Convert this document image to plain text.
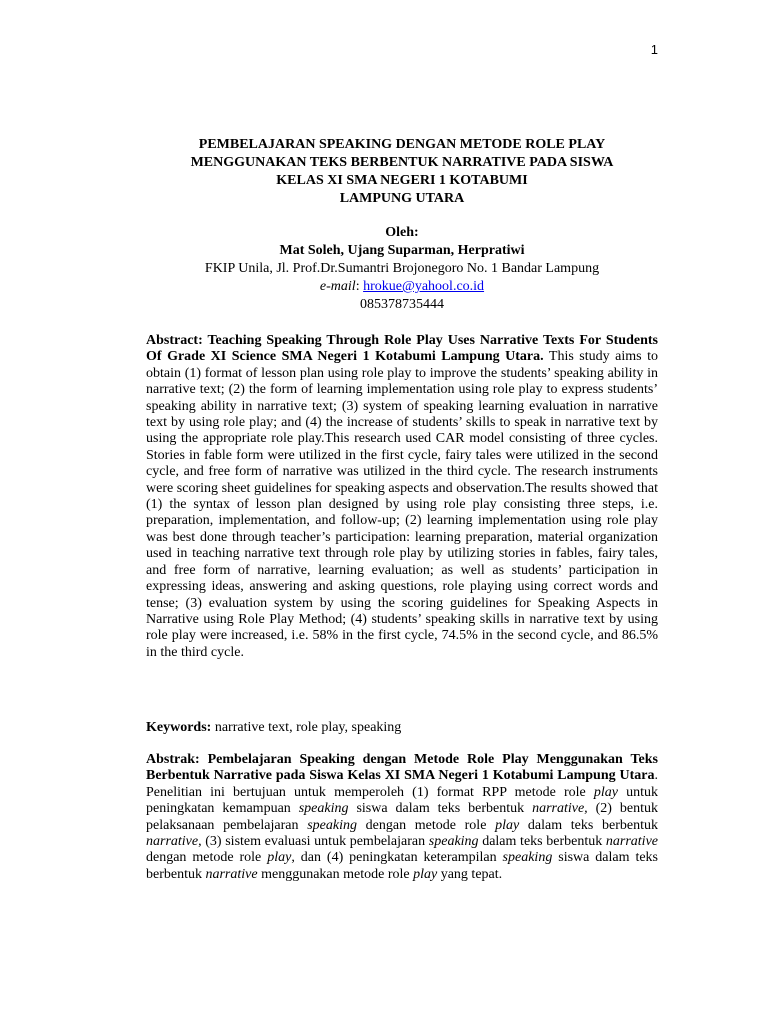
1
PEMBELAJARAN SPEAKING DENGAN METODE ROLE PLAY
MENGGUNAKAN TEKS BERBENTUK NARRATIVE PADA SISWA
KELAS XI SMA NEGERI 1 KOTABUMI
LAMPUNG UTARA
Oleh:
Mat Soleh, Ujang Suparman, Herpratiwi
FKIP Unila, Jl. Prof.Dr.Sumantri Brojonegoro No. 1 Bandar Lampung
e-mail: hrokue@yahool.co.id
085378735444

Abstract: Teaching Speaking Through Role Play Uses Narrative Texts For Students Of Grade XI Science SMA Negeri 1 Kotabumi Lampung Utara. This study aims to obtain (1) format of lesson plan using role play to improve the students’ speaking ability in narrative text; (2) the form of learning implementation using role play to express students’ speaking ability in narrative text; (3) system of speaking learning evaluation in narrative text by using role play; and (4) the increase of students’ skills to speak in narrative text by using the appropriate role play.This research used CAR model consisting of three cycles. Stories in fable form were utilized in the first cycle, fairy tales were utilized in the second cycle, and free form of narrative was utilized in the third cycle. The research instruments were scoring sheet guidelines for speaking aspects and observation.The results showed that (1) the syntax of lesson plan designed by using role play consisting three steps, i.e. preparation, implementation, and follow-up; (2) learning implementation using role play was best done through teacher’s participation: learning preparation, material organization used in teaching narrative text through role play by utilizing stories in fables, fairy tales, and free form of narrative, learning evaluation; as well as students’ participation in expressing ideas, answering and asking questions, role playing using correct words and tense; (3) evaluation system by using the scoring guidelines for Speaking Aspects in Narrative using Role Play Method; (4) students’ speaking skills in narrative text by using role play were increased, i.e. 58% in the first cycle, 74.5% in the second cycle, and 86.5% in the third cycle.

Keywords: narrative text, role play, speaking

Abstrak: Pembelajaran Speaking dengan Metode Role Play Menggunakan Teks Berbentuk Narrative pada Siswa Kelas XI SMA Negeri 1 Kotabumi Lampung Utara. Penelitian ini bertujuan untuk memperoleh (1) format RPP metode role play untuk peningkatan kemampuan speaking siswa dalam teks berbentuk narrative, (2) bentuk pelaksanaan pembelajaran speaking dengan metode role play dalam teks berbentuk narrative, (3) sistem evaluasi untuk pembelajaran speaking dalam teks berbentuk narrative dengan metode role play, dan (4) peningkatan keterampilan speaking siswa dalam teks berbentuk narrative menggunakan metode role play yang tepat.
